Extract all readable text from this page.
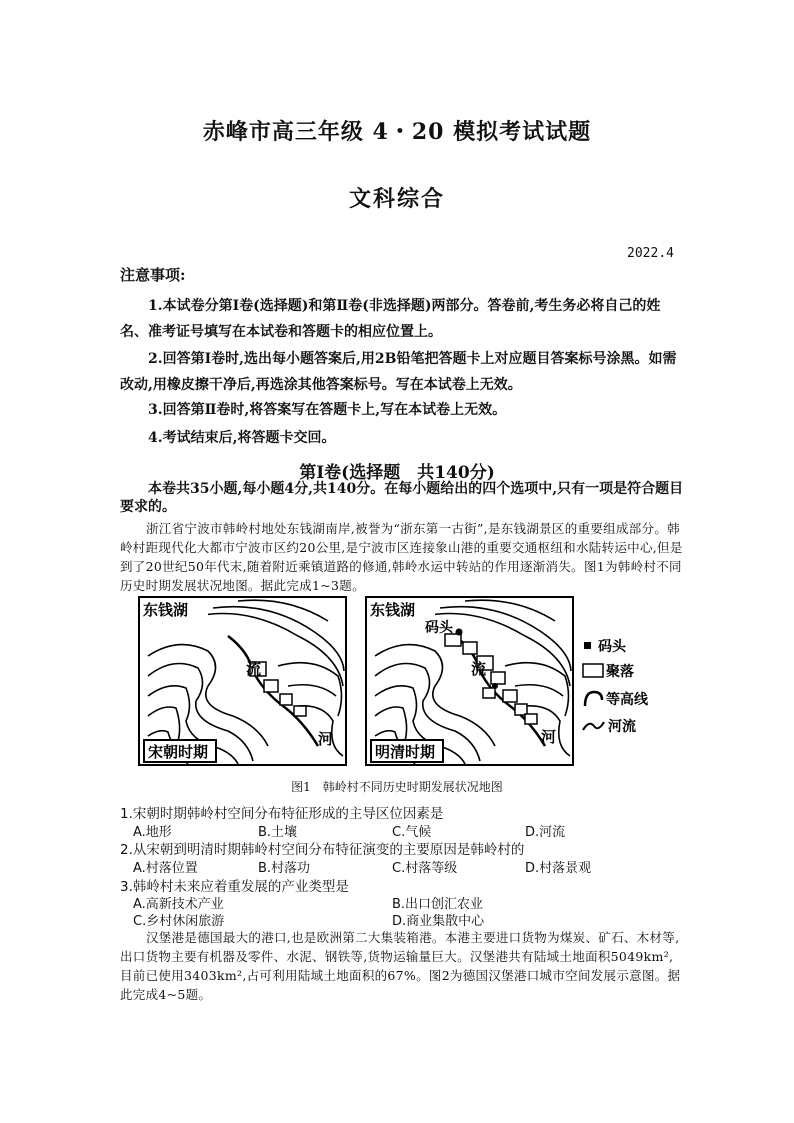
赤峰市高三年级 4・20 模拟考试试题
文科综合
2022.4
注意事项:
1.本试卷分第Ⅰ卷(选择题)和第Ⅱ卷(非选择题)两部分。答卷前,考生务必将自己的姓名、准考证号填写在本试卷和答题卡的相应位置上。
2.回答第Ⅰ卷时,选出每小题答案后,用2B铅笔把答题卡上对应题目答案标号涂黑。如需改动,用橡皮擦干净后,再选涂其他答案标号。写在本试卷上无效。
3.回答第Ⅱ卷时,将答案写在答题卡上,写在本试卷上无效。
4.考试结束后,将答题卡交回。
第Ⅰ卷(选择题　共140分)
本卷共35小题,每小题4分,共140分。在每小题给出的四个选项中,只有一项是符合题目要求的。
浙江省宁波市韩岭村地处东钱湖南岸,被誉为“浙东第一古街”,是东钱湖景区的重要组成部分。韩岭村距现代化大都市宁波市区约20公里,是宁波市区连接象山港的重要交通枢纽和水陆转运中心,但是到了20世纪50年代末,随着附近乘镇道路的修通,韩岭水运中转站的作用逐渐消失。图1为韩岭村不同历史时期发展状况地图。据此完成1~3题。
东钱湖
流
河
宋朝时期
东钱湖
码头
流
河
明清时期
码头
聚落
等高线
河流
图1　韩岭村不同历史时期发展状况地图
1.宋朝时期韩岭村空间分布特征形成的主导区位因素是
A.地形	B.土壤	C.气候	D.河流
2.从宋朝到明清时期韩岭村空间分布特征演变的主要原因是韩岭村的
A.村落位置	B.村落功	C.村落等级	D.村落景观
3.韩岭村未来应着重发展的产业类型是
A.高新技术产业	B.出口创汇农业
C.乡村休闲旅游	D.商业集散中心
汉堡港是德国最大的港口,也是欧洲第二大集装箱港。本港主要进口货物为煤炭、矿石、木材等,出口货物主要有机器及零件、水泥、钢铁等,货物运输量巨大。汉堡港共有陆域土地面积5049km²,目前已使用3403km²,占可利用陆域土地面积的67%。图2为德国汉堡港口城市空间发展示意图。据此完成4~5题。
